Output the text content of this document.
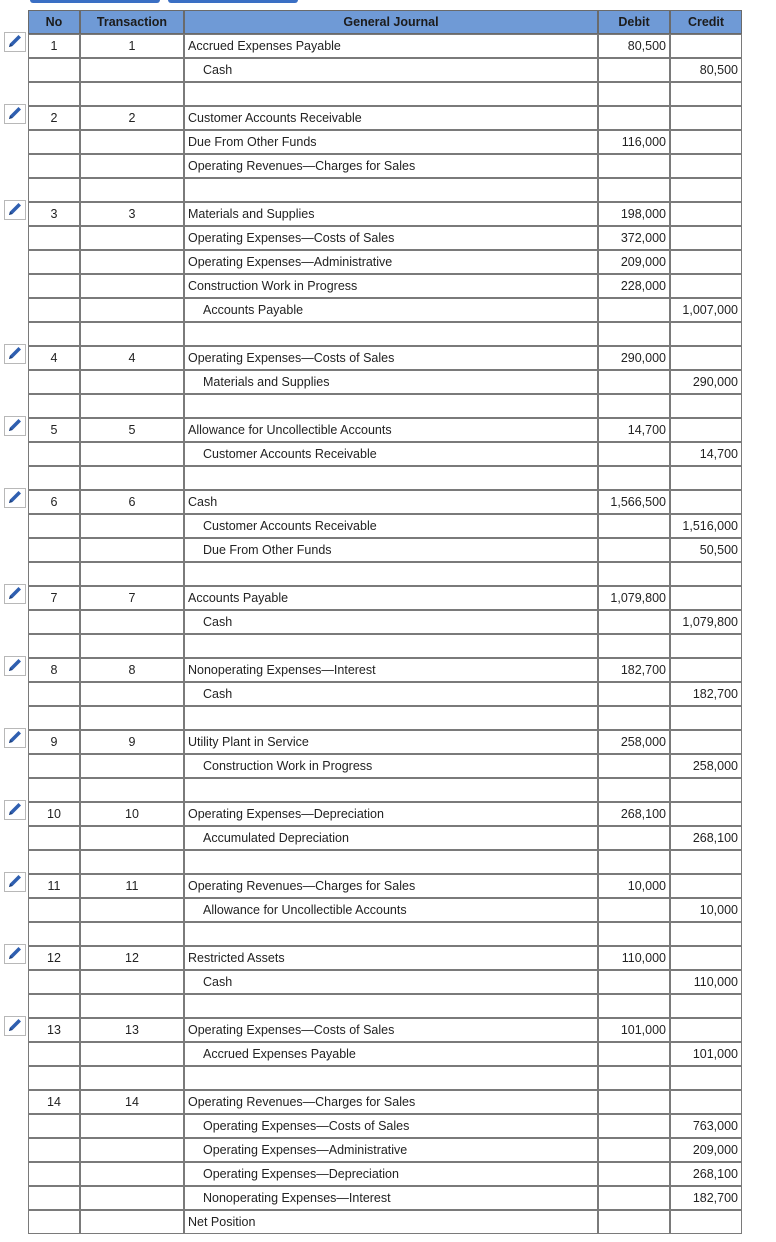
No	Transaction	General Journal	Debit	Credit
1	1	Accrued Expenses Payable	80,500	
		Cash		80,500

2	2	Customer Accounts Receivable		
		Due From Other Funds	116,000	
		Operating Revenues—Charges for Sales		

3	3	Materials and Supplies	198,000	
		Operating Expenses—Costs of Sales	372,000	
		Operating Expenses—Administrative	209,000	
		Construction Work in Progress	228,000	
		Accounts Payable		1,007,000

4	4	Operating Expenses—Costs of Sales	290,000	
		Materials and Supplies		290,000

5	5	Allowance for Uncollectible Accounts	14,700	
		Customer Accounts Receivable		14,700

6	6	Cash	1,566,500	
		Customer Accounts Receivable		1,516,000
		Due From Other Funds		50,500

7	7	Accounts Payable	1,079,800	
		Cash		1,079,800

8	8	Nonoperating Expenses—Interest	182,700	
		Cash		182,700

9	9	Utility Plant in Service	258,000	
		Construction Work in Progress		258,000

10	10	Operating Expenses—Depreciation	268,100	
		Accumulated Depreciation		268,100

11	11	Operating Revenues—Charges for Sales	10,000	
		Allowance for Uncollectible Accounts		10,000

12	12	Restricted Assets	110,000	
		Cash		110,000

13	13	Operating Expenses—Costs of Sales	101,000	
		Accrued Expenses Payable		101,000

14	14	Operating Revenues—Charges for Sales		
		Operating Expenses—Costs of Sales		763,000
		Operating Expenses—Administrative		209,000
		Operating Expenses—Depreciation		268,100
		Nonoperating Expenses—Interest		182,700
		Net Position		
